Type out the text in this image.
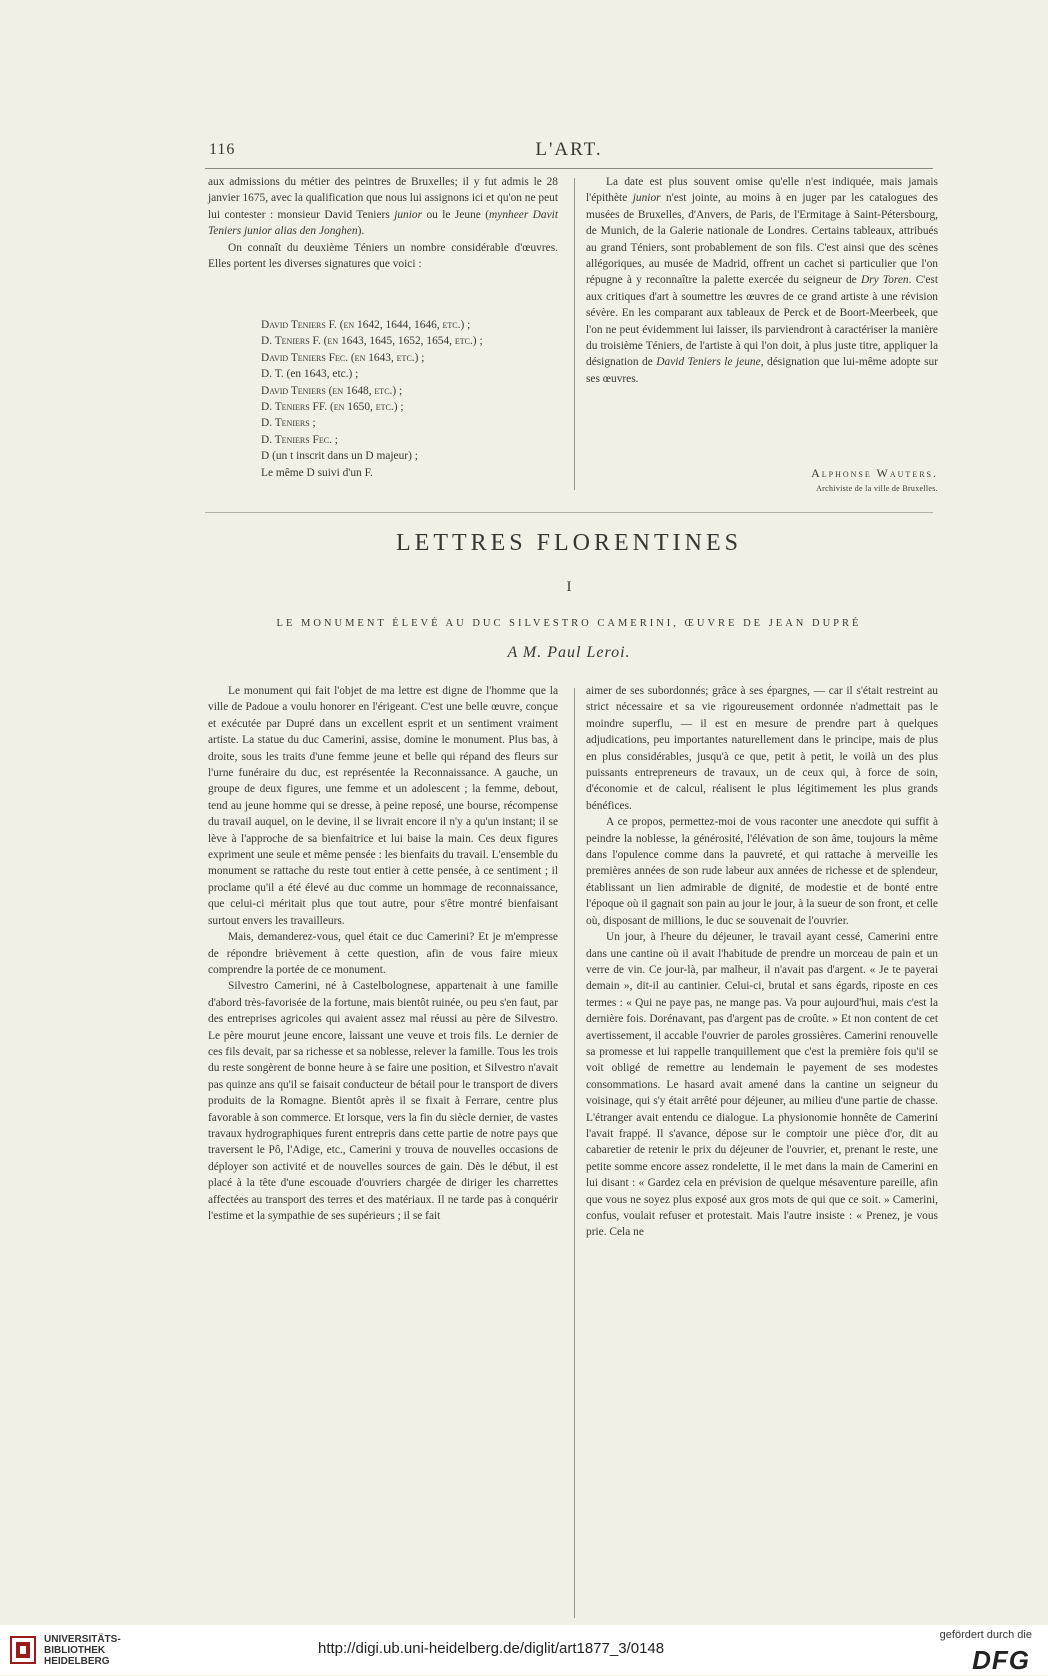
116	L'ART.

aux admissions du métier des peintres de Bruxelles; il y fut admis le 28 janvier 1675, avec la qualification que nous lui assignons ici et qu'on ne peut lui contester : monsieur David Teniers junior ou le Jeune (mynheer Davit Teniers junior alias den Jonghen).

On connaît du deuxième Téniers un nombre considérable d'œuvres. Elles portent les diverses signatures que voici :

David Teniers F. (en 1642, 1644, 1646, etc.) ;
D. Teniers F. (en 1643, 1645, 1652, 1654, etc.) ;
David Teniers Fec. (en 1643, etc.) ;
D. T. (en 1643, etc.) ;
David Teniers (en 1648, etc.) ;
D. Teniers FF. (en 1650, etc.) ;
D. Teniers ;
D. Teniers Fec. ;
D (un t inscrit dans un D majeur) ;
Le même D suivi d'un F.

La date est plus souvent omise qu'elle n'est indiquée, mais jamais l'épithète junior n'est jointe, au moins à en juger par les catalogues des musées de Bruxelles, d'Anvers, de Paris, de l'Ermitage à Saint-Pétersbourg, de Munich, de la Galerie nationale de Londres. Certains tableaux, attribués au grand Téniers, sont probablement de son fils. C'est ainsi que des scènes allégoriques, au musée de Madrid, offrent un cachet si particulier que l'on répugne à y reconnaître la palette exercée du seigneur de Dry Toren. C'est aux critiques d'art à soumettre les œuvres de ce grand artiste à une révision sévère. En les comparant aux tableaux de Perck et de Boort-Meerbeek, que l'on ne peut évidemment lui laisser, ils parviendront à caractériser la manière du troisième Téniers, de l'artiste à qui l'on doit, à plus juste titre, appliquer la désignation de David Teniers le jeune, désignation que lui-même adopte sur ses œuvres.

Alphonse Wauters.
Archiviste de la ville de Bruxelles.
LETTRES FLORENTINES
I
LE MONUMENT ÉLEVÉ AU DUC SILVESTRO CAMERINI, ŒUVRE DE JEAN DUPRÉ
A M. Paul Leroi.

Le monument qui fait l'objet de ma lettre est digne de l'homme que la ville de Padoue a voulu honorer en l'érigeant. C'est une belle œuvre, conçue et exécutée par Dupré dans un excellent esprit et un sentiment vraiment artiste. La statue du duc Camerini, assise, domine le monument. Plus bas, à droite, sous les traits d'une femme jeune et belle qui répand des fleurs sur l'urne funéraire du duc, est représentée la Reconnaissance. A gauche, un groupe de deux figures, une femme et un adolescent ; la femme, debout, tend au jeune homme qui se dresse, à peine reposé, une bourse, récompense du travail auquel, on le devine, il se livrait encore il n'y a qu'un instant; il se lève à l'approche de sa bienfaitrice et lui baise la main. Ces deux figures expriment une seule et même pensée : les bienfaits du travail. L'ensemble du monument se rattache du reste tout entier à cette pensée, à ce sentiment ; il proclame qu'il a été élevé au duc comme un hommage de reconnaissance, que celui-ci méritait plus que tout autre, pour s'être montré bienfaisant surtout envers les travailleurs.

Mais, demanderez-vous, quel était ce duc Camerini? Et je m'empresse de répondre brièvement à cette question, afin de vous faire mieux comprendre la portée de ce monument.

Silvestro Camerini, né à Castelbolognese, appartenait à une famille d'abord très-favorisée de la fortune, mais bientôt ruinée, ou peu s'en faut, par des entreprises agricoles qui avaient assez mal réussi au père de Silvestro. Le père mourut jeune encore, laissant une veuve et trois fils. Le dernier de ces fils devait, par sa richesse et sa noblesse, relever la famille. Tous les trois du reste songèrent de bonne heure à se faire une position, et Silvestro n'avait pas quinze ans qu'il se faisait conducteur de bétail pour le transport de divers produits de la Romagne. Bientôt après il se fixait à Ferrare, centre plus favorable à son commerce. Et lorsque, vers la fin du siècle dernier, de vastes travaux hydrographiques furent entrepris dans cette partie de notre pays que traversent le Pô, l'Adige, etc., Camerini y trouva de nouvelles occasions de déployer son activité et de nouvelles sources de gain. Dès le début, il est placé à la tête d'une escouade d'ouvriers chargée de diriger les charrettes affectées au transport des terres et des matériaux. Il ne tarde pas à conquérir l'estime et la sympathie de ses supérieurs ; il se fait

aimer de ses subordonnés; grâce à ses épargnes, — car il s'était restreint au strict nécessaire et sa vie rigoureusement ordonnée n'admettait pas le moindre superflu, — il est en mesure de prendre part à quelques adjudications, peu importantes naturellement dans le principe, mais de plus en plus considérables, jusqu'à ce que, petit à petit, le voilà un des plus puissants entrepreneurs de travaux, un de ceux qui, à force de soin, d'économie et de calcul, réalisent le plus légitimement les plus grands bénéfices.

A ce propos, permettez-moi de vous raconter une anecdote qui suffit à peindre la noblesse, la générosité, l'élévation de son âme, toujours la même dans l'opulence comme dans la pauvreté, et qui rattache à merveille les premières années de son rude labeur aux années de richesse et de splendeur, établissant un lien admirable de dignité, de modestie et de bonté entre l'époque où il gagnait son pain au jour le jour, à la sueur de son front, et celle où, disposant de millions, le duc se souvenait de l'ouvrier.

Un jour, à l'heure du déjeuner, le travail ayant cessé, Camerini entre dans une cantine où il avait l'habitude de prendre un morceau de pain et un verre de vin. Ce jour-là, par malheur, il n'avait pas d'argent. « Je te payerai demain », dit-il au cantinier. Celui-ci, brutal et sans égards, riposte en ces termes : « Qui ne paye pas, ne mange pas. Va pour aujourd'hui, mais c'est la dernière fois. Dorénavant, pas d'argent pas de croûte. » Et non content de cet avertissement, il accable l'ouvrier de paroles grossières. Camerini renouvelle sa promesse et lui rappelle tranquillement que c'est la première fois qu'il se voit obligé de remettre au lendemain le payement de ses modestes consommations. Le hasard avait amené dans la cantine un seigneur du voisinage, qui s'y était arrêté pour déjeuner, au milieu d'une partie de chasse. L'étranger avait entendu ce dialogue. La physionomie honnête de Camerini l'avait frappé. Il s'avance, dépose sur le comptoir une pièce d'or, dit au cabaretier de retenir le prix du déjeuner de l'ouvrier, et, prenant le reste, une petite somme encore assez rondelette, il le met dans la main de Camerini en lui disant : « Gardez cela en prévision de quelque mésaventure pareille, afin que vous ne soyez plus exposé aux gros mots de qui que ce soit. » Camerini, confus, voulait refuser et protestait. Mais l'autre insiste : « Prenez, je vous prie. Cela ne

UNIVERSITÄTS-
BIBLIOTHEK
HEIDELBERG
http://digi.ub.uni-heidelberg.de/diglit/art1877_3/0148
gefördert durch die
DFG
